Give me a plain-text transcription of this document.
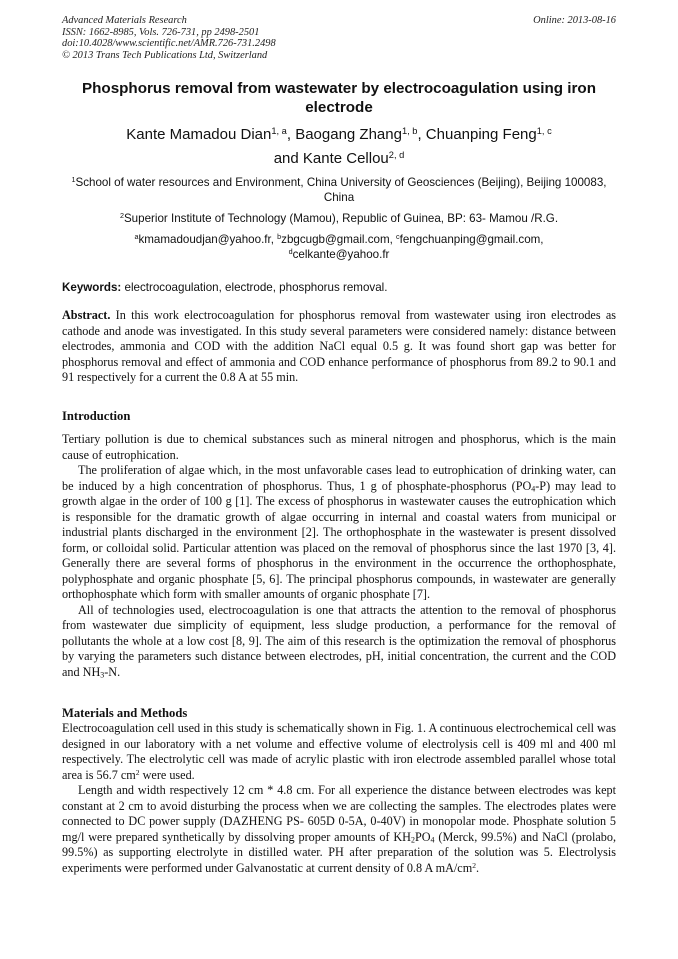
Advanced Materials Research
ISSN: 1662-8985, Vols. 726-731, pp 2498-2501
doi:10.4028/www.scientific.net/AMR.726-731.2498
© 2013 Trans Tech Publications Ltd, Switzerland
Online: 2013-08-16
Phosphorus removal from wastewater by electrocoagulation using iron
electrode
Kante Mamadou Dian$^{1, a}$, Baogang Zhang$^{1, b}$, Chuanping Feng$^{1, c}$
and Kante Cellou$^{2, d}$
$^1$School of water resources and Environment, China University of Geosciences (Beijing), Beijing 100083, China
$^2$Superior Institute of Technology (Mamou), Republic of Guinea, BP: 63- Mamou /R.G.
$^a$kmamadoudjan@yahoo.fr, $^b$zbgcugb@gmail.com, $^c$fengchuanping@gmail.com,
$^d$celkante@yahoo.fr
Keywords: electrocoagulation, electrode, phosphorus removal.

Abstract. In this work electrocoagulation for phosphorus removal from wastewater using iron electrodes as cathode and anode was investigated. In this study several parameters were considered namely: distance between electrodes, ammonia and COD with the addition NaCl equal 0.5 g. It was found short gap was better for phosphorus removal and effect of ammonia and COD enhance performance of phosphorus from 89.2 to 90.1 and 91 respectively for a current the 0.8 A at 55 min.

Introduction

Tertiary pollution is due to chemical substances such as mineral nitrogen and phosphorus, which is the main cause of eutrophication.

The proliferation of algae which, in the most unfavorable cases lead to eutrophication of drinking water, can be induced by a high concentration of phosphorus. Thus, 1 g of phosphate-phosphorus $(PO_4-P)$ may lead to growth algae in the order of 100 g [1]. The excess of phosphorus in wastewater causes the eutrophication which is responsible for the dramatic growth of algae occurring in internal and coastal waters from municipal or industrial plants discharged in the environment [2]. The orthophosphate in the wastewater is present dissolved form, or colloidal solid. Particular attention was placed on the removal of phosphorus since the last 1970 [3, 4]. Generally there are several forms of phosphorus in the environment in the occurrence the orthophosphate, polyphosphate and organic phosphate [5, 6]. The principal phosphorus compounds, in wastewater are generally orthophosphate which form with smaller amounts of organic phosphate [7].

All of technologies used, electrocoagulation is one that attracts the attention to the removal of phosphorus from wastewater due simplicity of equipment, less sludge production, a performance for the removal of pollutants the whole at a low cost [8, 9]. The aim of this research is the optimization the removal of phosphorus by varying the parameters such distance between electrodes, pH, initial concentration, the current and the COD and $NH_3-N$.

Materials and Methods

Electrocoagulation cell used in this study is schematically shown in Fig. 1. A continuous electrochemical cell was designed in our laboratory with a net volume and effective volume of electrolysis cell is 409 ml and 400 ml respectively. The electrolytic cell was made of acrylic plastic with iron electrode assembled parallel whose total area is 56.7 $cm^2$ were used.

Length and width respectively 12 cm * 4.8 cm. For all experience the distance between electrodes was kept constant at 2 cm to avoid disturbing the process when we are collecting the samples. The electrodes plates were connected to DC power supply (DAZHENG PS- 605D 0-5A, 0-40V) in monopolar mode. Phosphate solution 5 mg/l were prepared synthetically by dissolving proper amounts of $KH_2PO_4$ (Merck, 99.5%) and NaCl (prolabo, 99.5%) as supporting electrolyte in distilled water. PH after preparation of the solution was 5. Electrolysis experiments were performed under Galvanostatic at current density of 0.8 A $mA/cm^2$.
